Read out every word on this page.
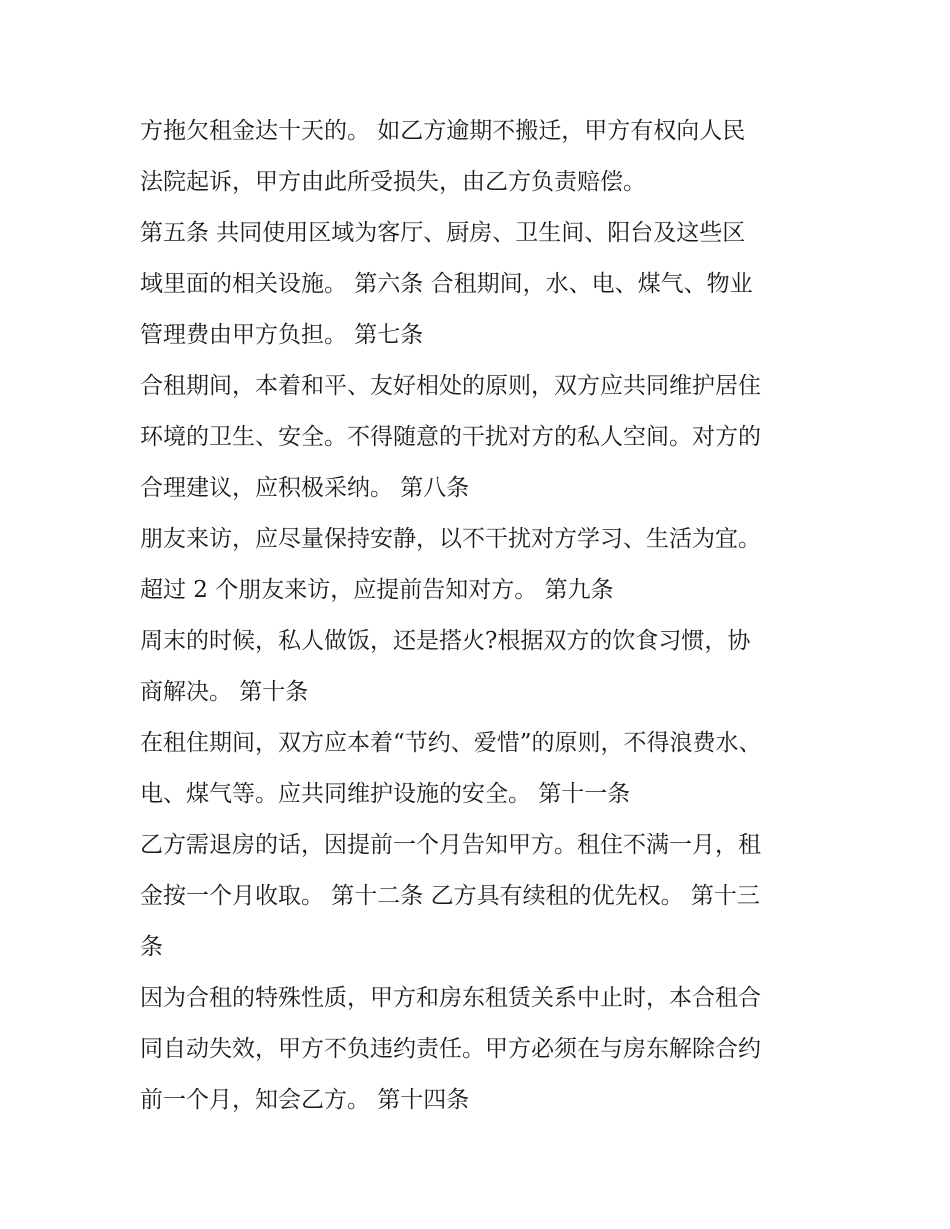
方拖欠租金达十天的。 如乙方逾期不搬迁，甲方有权向人民
法院起诉，甲方由此所受损失，由乙方负责赔偿。
第五条 共同使用区域为客厅、厨房、卫生间、阳台及这些区
域里面的相关设施。 第六条 合租期间，水、电、煤气、物业
管理费由甲方负担。 第七条
合租期间，本着和平、友好相处的原则，双方应共同维护居住
环境的卫生、安全。不得随意的干扰对方的私人空间。对方的
合理建议，应积极采纳。 第八条
朋友来访，应尽量保持安静，以不干扰对方学习、生活为宜。
超过 2 个朋友来访，应提前告知对方。 第九条
周末的时候，私人做饭，还是搭火?根据双方的饮食习惯，协
商解决。 第十条
在租住期间，双方应本着“节约、爱惜”的原则，不得浪费水、
电、煤气等。应共同维护设施的安全。 第十一条
乙方需退房的话，因提前一个月告知甲方。租住不满一月，租
金按一个月收取。 第十二条 乙方具有续租的优先权。 第十三
条
因为合租的特殊性质，甲方和房东租赁关系中止时，本合租合
同自动失效，甲方不负违约责任。甲方必须在与房东解除合约
前一个月，知会乙方。 第十四条
